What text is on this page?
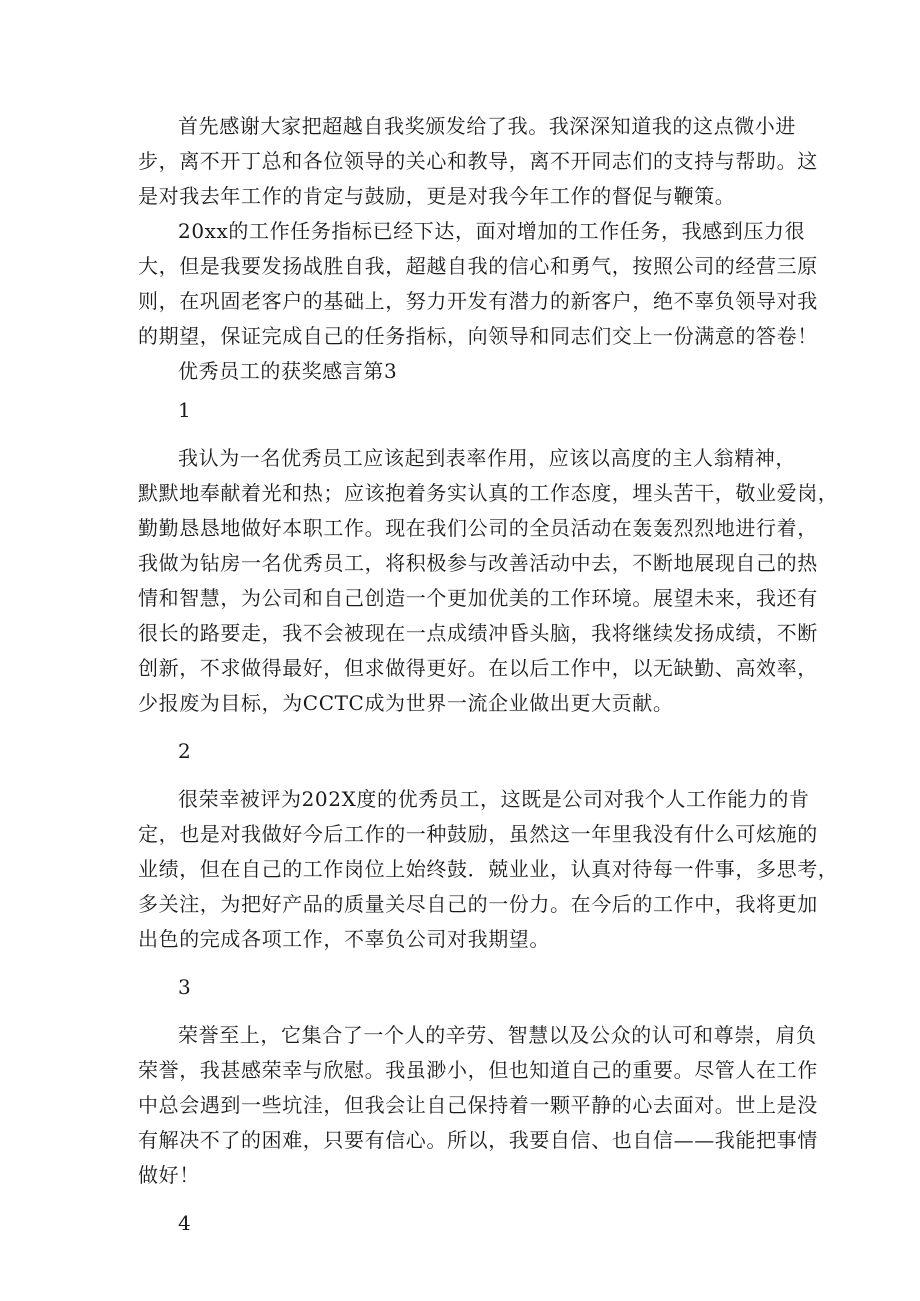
首先感谢大家把超越自我奖颁发给了我。我深深知道我的这点微小进
步，离不开丁总和各位领导的关心和教导，离不开同志们的支持与帮助。这
是对我去年工作的肯定与鼓励，更是对我今年工作的督促与鞭策。

20xx的工作任务指标已经下达，面对增加的工作任务，我感到压力很
大，但是我要发扬战胜自我，超越自我的信心和勇气，按照公司的经营三原
则，在巩固老客户的基础上，努力开发有潜力的新客户，绝不辜负领导对我
的期望，保证完成自己的任务指标，向领导和同志们交上一份满意的答卷！

优秀员工的获奖感言第3

1

我认为一名优秀员工应该起到表率作用，应该以高度的主人翁精神，
默默地奉献着光和热；应该抱着务实认真的工作态度，埋头苦干，敬业爱岗，
勤勤恳恳地做好本职工作。现在我们公司的全员活动在轰轰烈烈地进行着，
我做为钻房一名优秀员工，将积极参与改善活动中去，不断地展现自己的热
情和智慧，为公司和自己创造一个更加优美的工作环境。展望未来，我还有
很长的路要走，我不会被现在一点成绩冲昏头脑，我将继续发扬成绩，不断
创新，不求做得最好，但求做得更好。在以后工作中，以无缺勤、高效率，
少报废为目标，为CCTC成为世界一流企业做出更大贡献。

2

很荣幸被评为202X度的优秀员工，这既是公司对我个人工作能力的肯
定，也是对我做好今后工作的一种鼓励，虽然这一年里我没有什么可炫施的
业绩，但在自己的工作岗位上始终鼓．兢业业，认真对待每一件事，多思考，
多关注，为把好产品的质量关尽自己的一份力。在今后的工作中，我将更加
出色的完成各项工作，不辜负公司对我期望。

3

荣誉至上，它集合了一个人的辛劳、智慧以及公众的认可和尊崇，肩负
荣誉，我甚感荣幸与欣慰。我虽渺小，但也知道自己的重要。尽管人在工作
中总会遇到一些坑洼，但我会让自己保持着一颗平静的心去面对。世上是没
有解决不了的困难，只要有信心。所以，我要自信、也自信——我能把事情
做好！

4
